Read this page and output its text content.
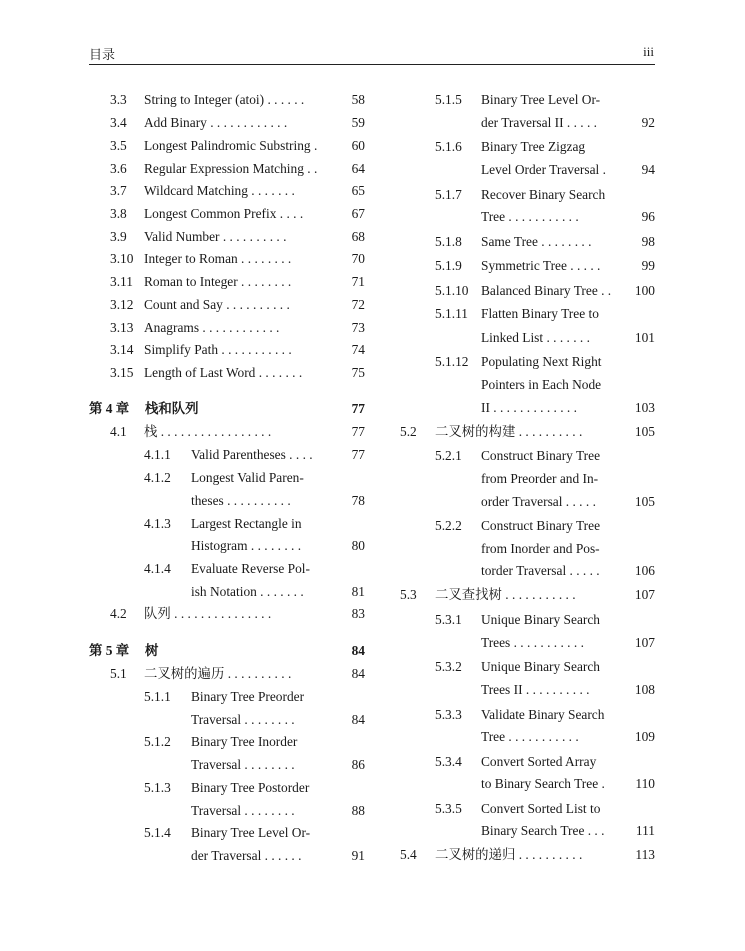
目录	iii
3.3 String to Integer (atoi) . . . . . .	58
3.4 Add Binary . . . . . . . . . . . .	59
3.5 Longest Palindromic Substring .	60
3.6 Regular Expression Matching . .	64
3.7 Wildcard Matching . . . . . . .	65
3.8 Longest Common Prefix . . . .	67
3.9 Valid Number . . . . . . . . . .	68
3.10 Integer to Roman . . . . . . . .	70
3.11 Roman to Integer . . . . . . . .	71
3.12 Count and Say . . . . . . . . . .	72
3.13 Anagrams . . . . . . . . . . . .	73
3.14 Simplify Path . . . . . . . . . . .	74
3.15 Length of Last Word . . . . . . .	75
第 4 章 栈和队列	77
4.1 栈 . . . . . . . . . . . . . . . . .	77
4.1.1 Valid Parentheses . . . .	77
4.1.2 Longest Valid Paren-
theses . . . . . . . . . .	78
4.1.3 Largest Rectangle in
Histogram . . . . . . . .	80
4.1.4 Evaluate Reverse Pol-
ish Notation . . . . . . .	81
4.2 队列 . . . . . . . . . . . . . . .	83
第 5 章 树	84
5.1 二叉树的遍历 . . . . . . . . . .	84
5.1.1 Binary Tree Preorder
Traversal . . . . . . . .	84
5.1.2 Binary Tree Inorder
Traversal . . . . . . . .	86
5.1.3 Binary Tree Postorder
Traversal . . . . . . . .	88
5.1.4 Binary Tree Level Or-
der Traversal . . . . . .	91
5.1.5 Binary Tree Level Or-
der Traversal II . . . . .	92
5.1.6 Binary Tree Zigzag
Level Order Traversal .	94
5.1.7 Recover Binary Search
Tree . . . . . . . . . . .	96
5.1.8 Same Tree . . . . . . . .	98
5.1.9 Symmetric Tree . . . . .	99
5.1.10 Balanced Binary Tree . .	100
5.1.11 Flatten Binary Tree to
Linked List . . . . . . .	101
5.1.12 Populating Next Right
Pointers in Each Node
II . . . . . . . . . . . . .	103
5.2 二叉树的构建 . . . . . . . . . .	105
5.2.1 Construct Binary Tree
from Preorder and In-
order Traversal . . . . .	105
5.2.2 Construct Binary Tree
from Inorder and Pos-
torder Traversal . . . . .	106
5.3 二叉查找树 . . . . . . . . . . .	107
5.3.1 Unique Binary Search
Trees . . . . . . . . . . .	107
5.3.2 Unique Binary Search
Trees II . . . . . . . . . .	108
5.3.3 Validate Binary Search
Tree . . . . . . . . . . .	109
5.3.4 Convert Sorted Array
to Binary Search Tree .	110
5.3.5 Convert Sorted List to
Binary Search Tree . . .	111
5.4 二叉树的递归 . . . . . . . . . .	113
